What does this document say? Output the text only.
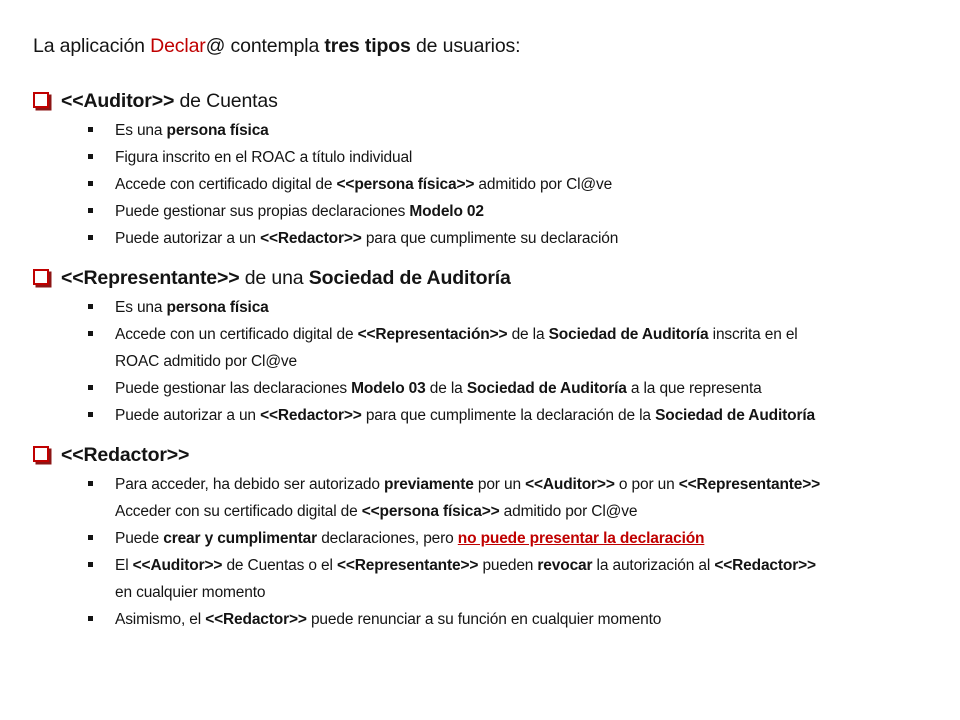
La aplicación Declar@ contempla tres tipos de usuarios:

<<Auditor>> de Cuentas
Es una persona física
Figura inscrito en el ROAC a título individual
Accede con certificado digital de <<persona física>> admitido por Cl@ve
Puede gestionar sus propias declaraciones Modelo 02
Puede autorizar a un <<Redactor>> para que cumplimente su declaración
<<Representante>> de una Sociedad de Auditoría
Es una persona física
Accede con un certificado digital de <<Representación>> de la Sociedad de Auditoría inscrita en el
ROAC admitido por Cl@ve
Puede gestionar las declaraciones Modelo 03 de la Sociedad de Auditoría a la que representa
Puede autorizar a un <<Redactor>> para que cumplimente la declaración de la Sociedad de Auditoría
<<Redactor>>
Para acceder, ha debido ser autorizado previamente por un <<Auditor>> o por un <<Representante>>
Acceder con su certificado digital de <<persona física>> admitido por Cl@ve
Puede crear y cumplimentar declaraciones, pero no puede presentar la declaración
El <<Auditor>> de Cuentas o el <<Representante>> pueden revocar la autorización al <<Redactor>>
en cualquier momento
Asimismo, el <<Redactor>> puede renunciar a su función en cualquier momento
